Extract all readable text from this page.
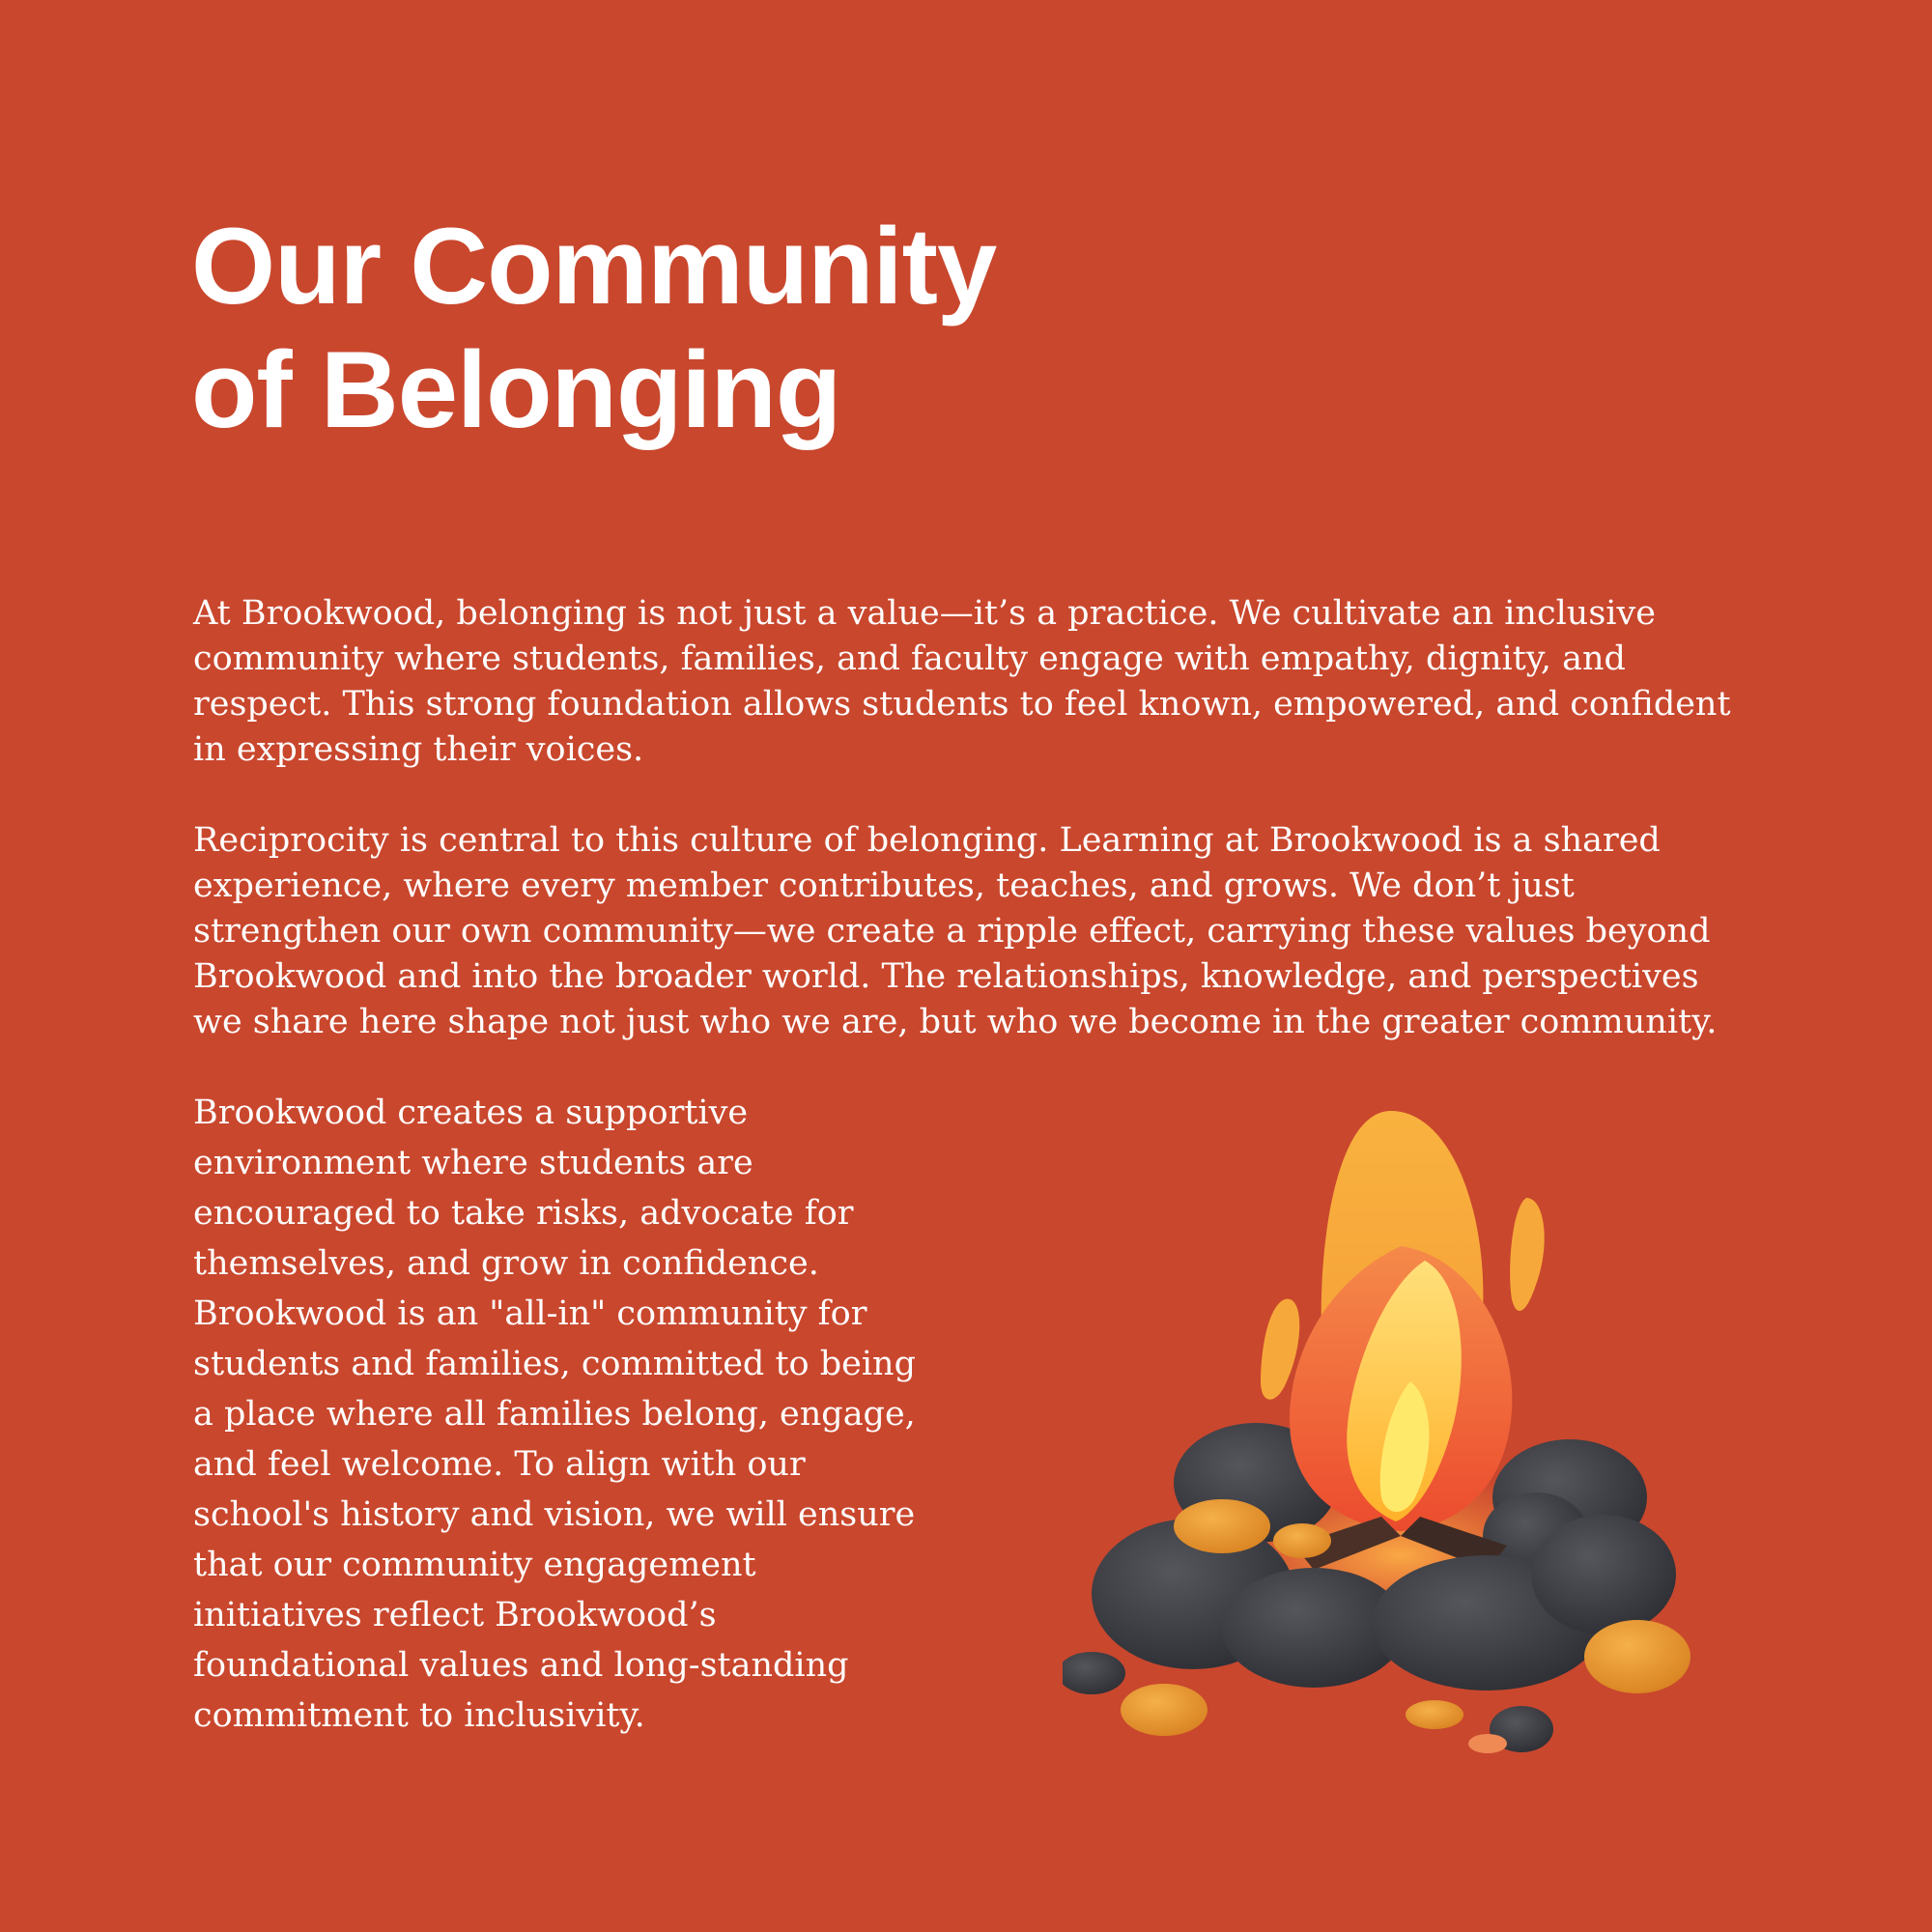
Our Community
of Belonging

At Brookwood, belonging is not just a value—it’s a practice. We cultivate an inclusive community where students, families, and faculty engage with empathy, dignity, and respect. This strong foundation allows students to feel known, empowered, and confident in expressing their voices.

Reciprocity is central to this culture of belonging. Learning at Brookwood is a shared experience, where every member contributes, teaches, and grows. We don’t just strengthen our own community—we create a ripple effect, carrying these values beyond Brookwood and into the broader world. The relationships, knowledge, and perspectives we share here shape not just who we are, but who we become in the greater community.

Brookwood creates a supportive environment where students are encouraged to take risks, advocate for themselves, and grow in confidence. Brookwood is an "all-in" community for students and families, committed to being a place where all families belong, engage, and feel welcome. To align with our school's history and vision, we will ensure that our community engagement initiatives reflect Brookwood’s foundational values and long-standing commitment to inclusivity.
